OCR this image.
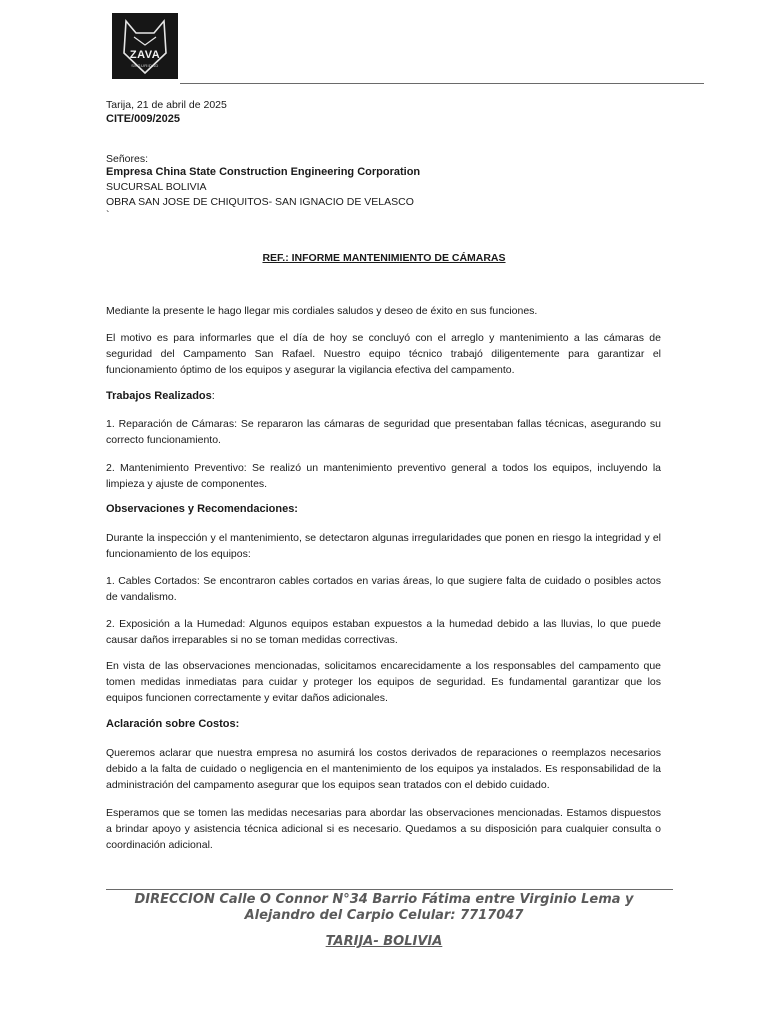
ZAVA
SEGURIDAD
Tarija, 21 de abril de 2025
CITE/009/2025
Señores:
Empresa China State Construction Engineering Corporation
SUCURSAL BOLIVIA
OBRA SAN JOSE DE CHIQUITOS- SAN IGNACIO DE VELASCO
`
REF.: INFORME MANTENIMIENTO DE CÁMARAS
Mediante la presente le hago llegar mis cordiales saludos y deseo de éxito en sus funciones.
El motivo es para informarles que el día de hoy se concluyó con el arreglo y mantenimiento a las cámaras de seguridad del Campamento San Rafael. Nuestro equipo técnico trabajó diligentemente para garantizar el funcionamiento óptimo de los equipos y asegurar la vigilancia efectiva del campamento.
Trabajos Realizados:
1. Reparación de Cámaras: Se repararon las cámaras de seguridad que presentaban fallas técnicas, asegurando su correcto funcionamiento.
2. Mantenimiento Preventivo: Se realizó un mantenimiento preventivo general a todos los equipos, incluyendo la limpieza y ajuste de componentes.
Observaciones y Recomendaciones:
Durante la inspección y el mantenimiento, se detectaron algunas irregularidades que ponen en riesgo la integridad y el funcionamiento de los equipos:
1. Cables Cortados: Se encontraron cables cortados en varias áreas, lo que sugiere falta de cuidado o posibles actos de vandalismo.
2. Exposición a la Humedad: Algunos equipos estaban expuestos a la humedad debido a las lluvias, lo que puede causar daños irreparables si no se toman medidas correctivas.
En vista de las observaciones mencionadas, solicitamos encarecidamente a los responsables del campamento que tomen medidas inmediatas para cuidar y proteger los equipos de seguridad. Es fundamental garantizar que los equipos funcionen correctamente y evitar daños adicionales.
Aclaración sobre Costos:
Queremos aclarar que nuestra empresa no asumirá los costos derivados de reparaciones o reemplazos necesarios debido a la falta de cuidado o negligencia en el mantenimiento de los equipos ya instalados. Es responsabilidad de la administración del campamento asegurar que los equipos sean tratados con el debido cuidado.
Esperamos que se tomen las medidas necesarias para abordar las observaciones mencionadas. Estamos dispuestos a brindar apoyo y asistencia técnica adicional si es necesario. Quedamos a su disposición para cualquier consulta o coordinación adicional.
DIRECCION Calle O Connor N°34 Barrio Fátima entre Virginio Lema y
Alejandro del Carpio Celular: 7717047
TARIJA- BOLIVIA
